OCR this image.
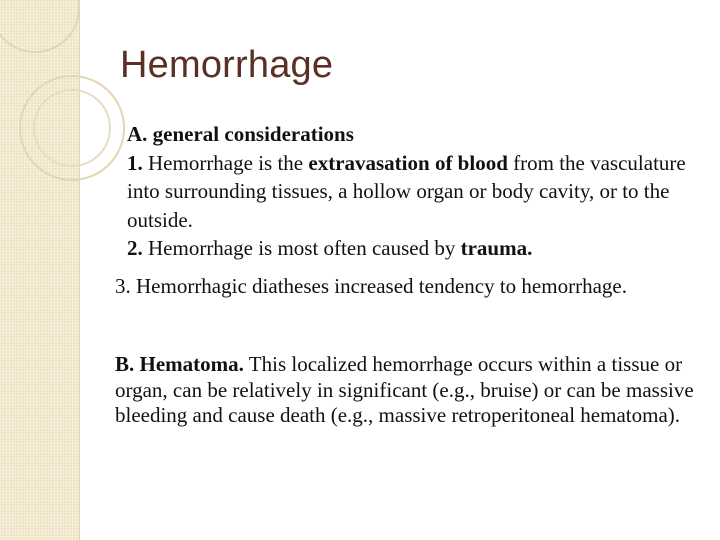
Hemorrhage

A. general considerations

1. Hemorrhage is the extravasation of blood from the vasculature into surrounding tissues, a hollow organ or body cavity, or to the outside.

2. Hemorrhage is most often caused by trauma.

3. Hemorrhagic diatheses increased tendency to hemorrhage.

B. Hematoma. This localized hemorrhage occurs within a tissue or organ, can be relatively in significant (e.g., bruise) or can be massive bleeding and cause death (e.g., massive retroperitoneal hematoma).
